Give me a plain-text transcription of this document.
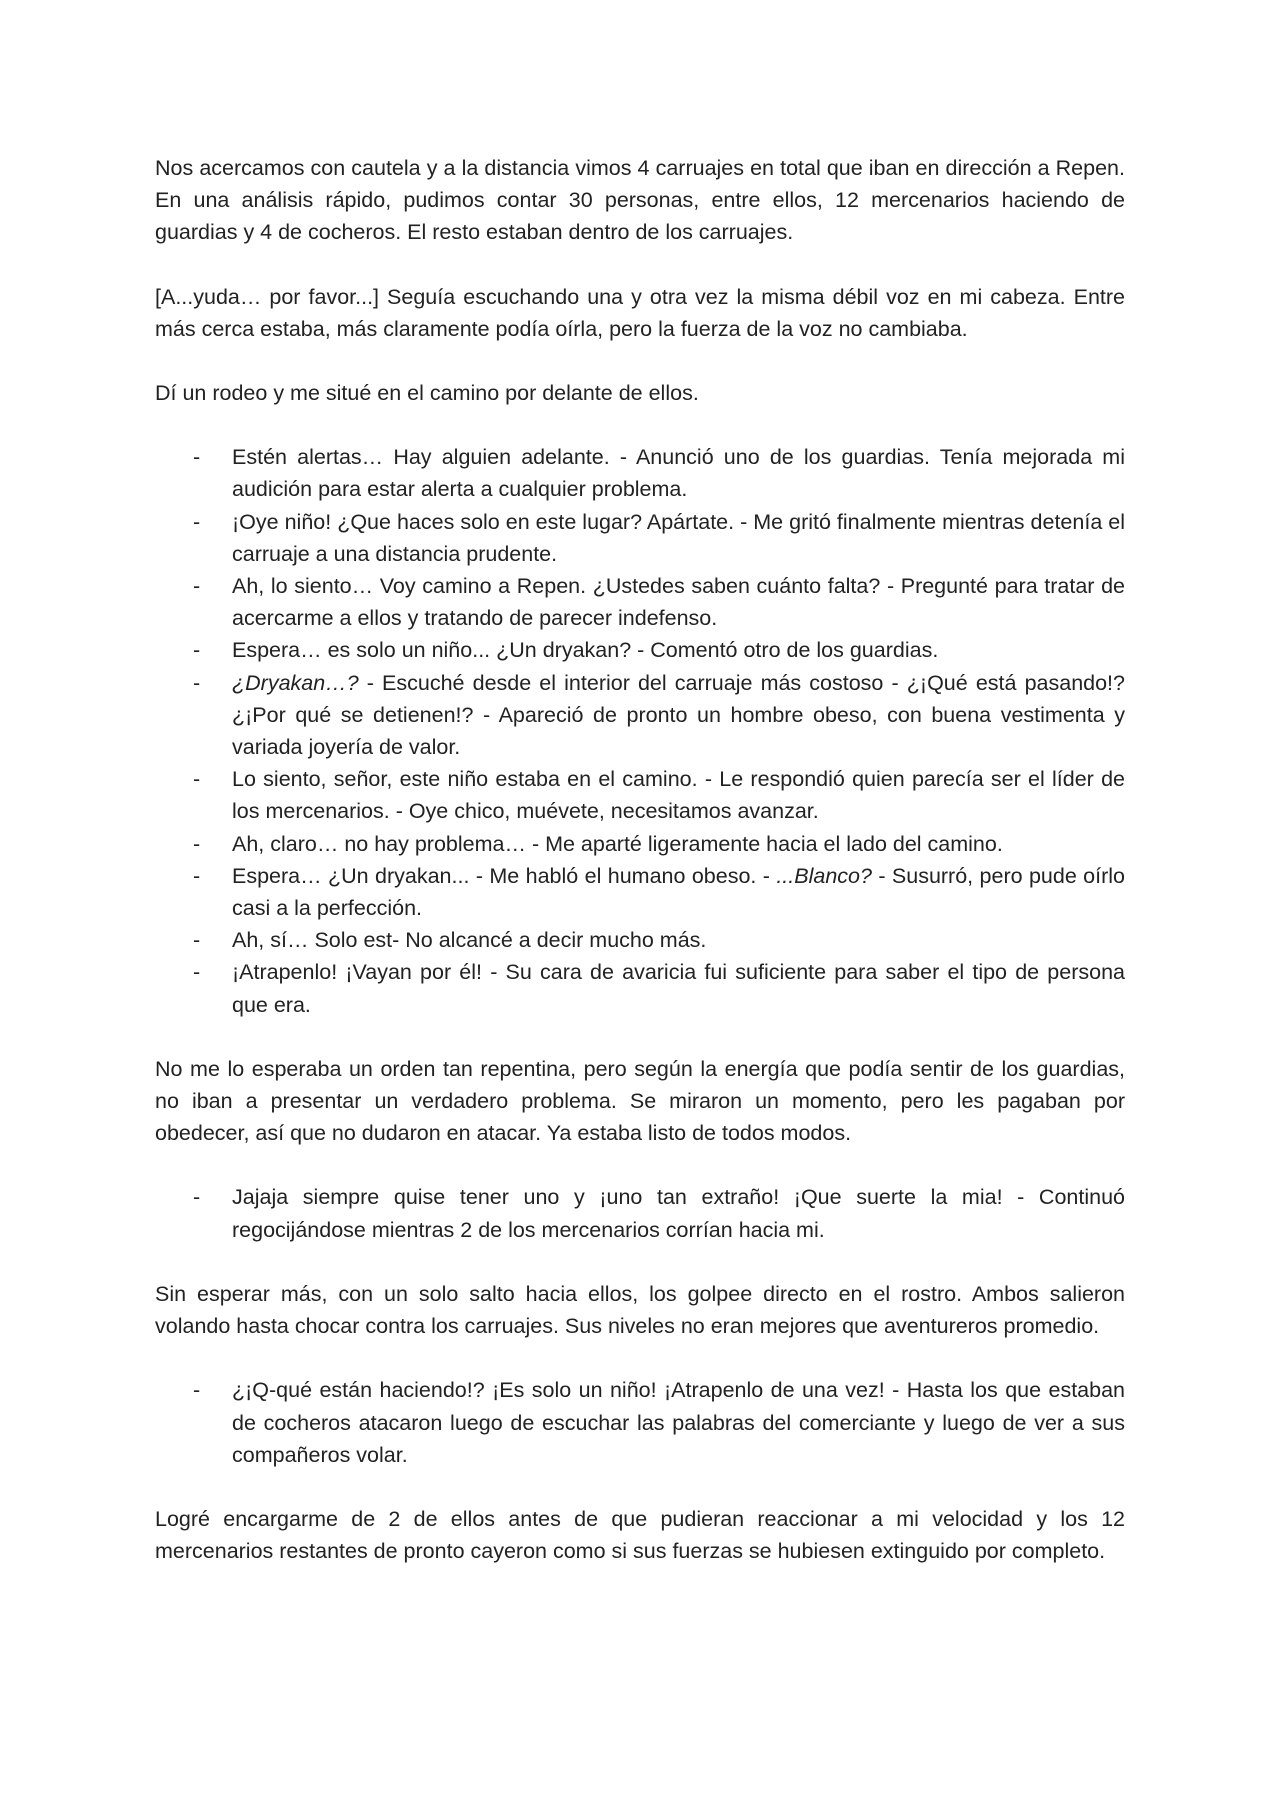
Nos acercamos con cautela y a la distancia vimos 4 carruajes en total que iban en dirección a Repen. En una análisis rápido, pudimos contar 30 personas, entre ellos, 12 mercenarios haciendo de guardias y 4 de cocheros. El resto estaban dentro de los carruajes.

[A...yuda… por favor...] Seguía escuchando una y otra vez la misma débil voz en mi cabeza. Entre más cerca estaba, más claramente podía oírla, pero la fuerza de la voz no cambiaba.

Dí un rodeo y me situé en el camino por delante de ellos.

- Estén alertas… Hay alguien adelante. - Anunció uno de los guardias. Tenía mejorada mi audición para estar alerta a cualquier problema.
- ¡Oye niño! ¿Que haces solo en este lugar? Apártate. - Me gritó finalmente mientras detenía el carruaje a una distancia prudente.
- Ah, lo siento… Voy camino a Repen. ¿Ustedes saben cuánto falta? - Pregunté para tratar de acercarme a ellos y tratando de parecer indefenso.
- Espera… es solo un niño... ¿Un dryakan? - Comentó otro de los guardias.
- ¿Dryakan…? - Escuché desde el interior del carruaje más costoso - ¿¡Qué está pasando!? ¿¡Por qué se detienen!? - Apareció de pronto un hombre obeso, con buena vestimenta y variada joyería de valor.
- Lo siento, señor, este niño estaba en el camino. - Le respondió quien parecía ser el líder de los mercenarios. - Oye chico, muévete, necesitamos avanzar.
- Ah, claro… no hay problema… - Me aparté ligeramente hacia el lado del camino.
- Espera… ¿Un dryakan... - Me habló el humano obeso. - ...Blanco? - Susurró, pero pude oírlo casi a la perfección.
- Ah, sí… Solo est- No alcancé a decir mucho más.
- ¡Atrapenlo! ¡Vayan por él! - Su cara de avaricia fui suficiente para saber el tipo de persona que era.

No me lo esperaba un orden tan repentina, pero según la energía que podía sentir de los guardias, no iban a presentar un verdadero problema. Se miraron un momento, pero les pagaban por obedecer, así que no dudaron en atacar. Ya estaba listo de todos modos.

- Jajaja siempre quise tener uno y ¡uno tan extraño! ¡Que suerte la mia! - Continuó regocijándose mientras 2 de los mercenarios corrían hacia mi.

Sin esperar más, con un solo salto hacia ellos, los golpee directo en el rostro. Ambos salieron volando hasta chocar contra los carruajes. Sus niveles no eran mejores que aventureros promedio.

- ¿¡Q-qué están haciendo!? ¡Es solo un niño! ¡Atrapenlo de una vez! - Hasta los que estaban de cocheros atacaron luego de escuchar las palabras del comerciante y luego de ver a sus compañeros volar.

Logré encargarme de 2 de ellos antes de que pudieran reaccionar a mi velocidad y los 12 mercenarios restantes de pronto cayeron como si sus fuerzas se hubiesen extinguido por completo.
